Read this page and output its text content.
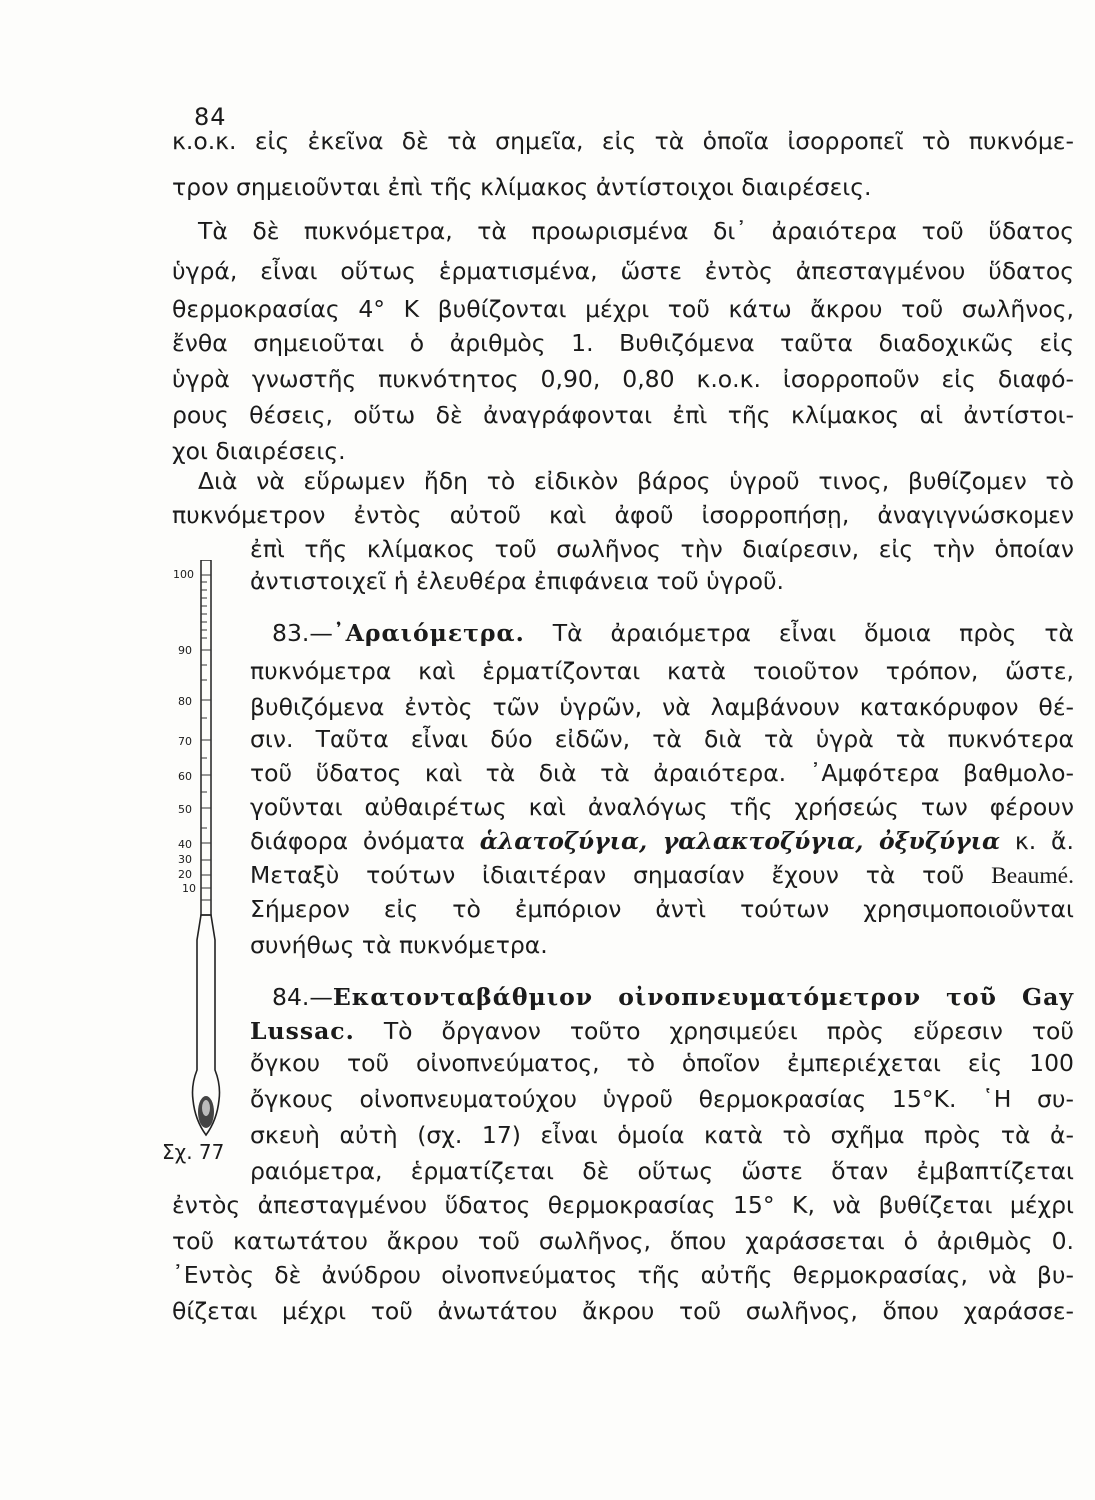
84
κ.ο.κ. εἰς ἐκεῖνα δὲ τὰ σημεῖα, εἰς τὰ ὁποῖα ἰσορροπεῖ τὸ πυκνόμε-
τρον σημειοῦνται ἐπὶ τῆς κλίμακος ἀντίστοιχοι διαιρέσεις.
Τὰ δὲ πυκνόμετρα, τὰ προωρισμένα δι᾿ ἀραιότερα τοῦ ὕδατος
ὑγρά, εἶναι οὕτως ἑρματισμένα, ὥστε ἐντὸς ἀπεσταγμένου ὕδατος
θερμοκρασίας 4° Κ βυθίζονται μέχρι τοῦ κάτω ἄκρου τοῦ σωλῆνος,
ἔνθα σημειοῦται ὁ ἀριθμὸς 1. Βυθιζόμενα ταῦτα διαδοχικῶς εἰς
ὑγρὰ γνωστῆς πυκνότητος 0,90, 0,80 κ.ο.κ. ἰσορροποῦν εἰς διαφό-
ρους θέσεις, οὕτω δὲ ἀναγράφονται ἐπὶ τῆς κλίμακος αἱ ἀντίστοι-
χοι διαιρέσεις.
Διὰ νὰ εὕρωμεν ἤδη τὸ εἰδικὸν βάρος ὑγροῦ τινος, βυθίζομεν τὸ
πυκνόμετρον ἐντὸς αὐτοῦ καὶ ἀφοῦ ἰσορροπήσῃ, ἀναγιγνώσκομεν
ἐπὶ τῆς κλίμακος τοῦ σωλῆνος τὴν διαίρεσιν, εἰς τὴν ὁποίαν
ἀντιστοιχεῖ ἡ ἐλευθέρα ἐπιφάνεια τοῦ ὑγροῦ.
83.—᾿Αραιόμετρα. Τὰ ἀραιόμετρα εἶναι ὅμοια πρὸς τὰ
πυκνόμετρα καὶ ἑρματίζονται κατὰ τοιοῦτον τρόπον, ὥστε,
βυθιζόμενα ἐντὸς τῶν ὑγρῶν, νὰ λαμβάνουν κατακόρυφον θέ-
σιν. Ταῦτα εἶναι δύο εἰδῶν, τὰ διὰ τὰ ὑγρὰ τὰ πυκνότερα
τοῦ ὕδατος καὶ τὰ διὰ τὰ ἀραιότερα. ᾿Αμφότερα βαθμολο-
γοῦνται αὐθαιρέτως καὶ ἀναλόγως τῆς χρήσεώς των φέρουν
διάφορα ὀνόματα ἁλατοζύγια, γαλακτοζύγια, ὀξυζύγια κ. ἄ.
Μεταξὺ τούτων ἰδιαιτέραν σημασίαν ἔχουν τὰ τοῦ Beaumé.
Σήμερον εἰς τὸ ἐμπόριον ἀντὶ τούτων χρησιμοποιοῦνται
συνήθως τὰ πυκνόμετρα.
84.—Εκατονταβάθμιον οἰνοπνευματόμετρον τοῦ Gay
Lussac. Τὸ ὄργανον τοῦτο χρησιμεύει πρὸς εὕρεσιν τοῦ
ὄγκου τοῦ οἰνοπνεύματος, τὸ ὁποῖον ἐμπεριέχεται εἰς 100
ὄγκους οἰνοπνευματούχου ὑγροῦ θερμοκρασίας 15°Κ. ῾Η συ-
σκευὴ αὐτὴ (σχ. 17) εἶναι ὁμοία κατὰ τὸ σχῆμα πρὸς τὰ ἀ-
ραιόμετρα, ἑρματίζεται δὲ οὕτως ὥστε ὅταν ἐμβαπτίζεται
ἐντὸς ἀπεσταγμένου ὕδατος θερμοκρασίας 15° Κ, νὰ βυθίζεται μέχρι
τοῦ κατωτάτου ἄκρου τοῦ σωλῆνος, ὅπου χαράσσεται ὁ ἀριθμὸς 0.
᾿Εντὸς δὲ ἀνύδρου οἰνοπνεύματος τῆς αὐτῆς θερμοκρασίας, νὰ βυ-
θίζεται μέχρι τοῦ ἀνωτάτου ἄκρου τοῦ σωλῆνος, ὅπου χαράσσε-
100
90
80
70
60
50
40
30
20
10
Σχ. 77
